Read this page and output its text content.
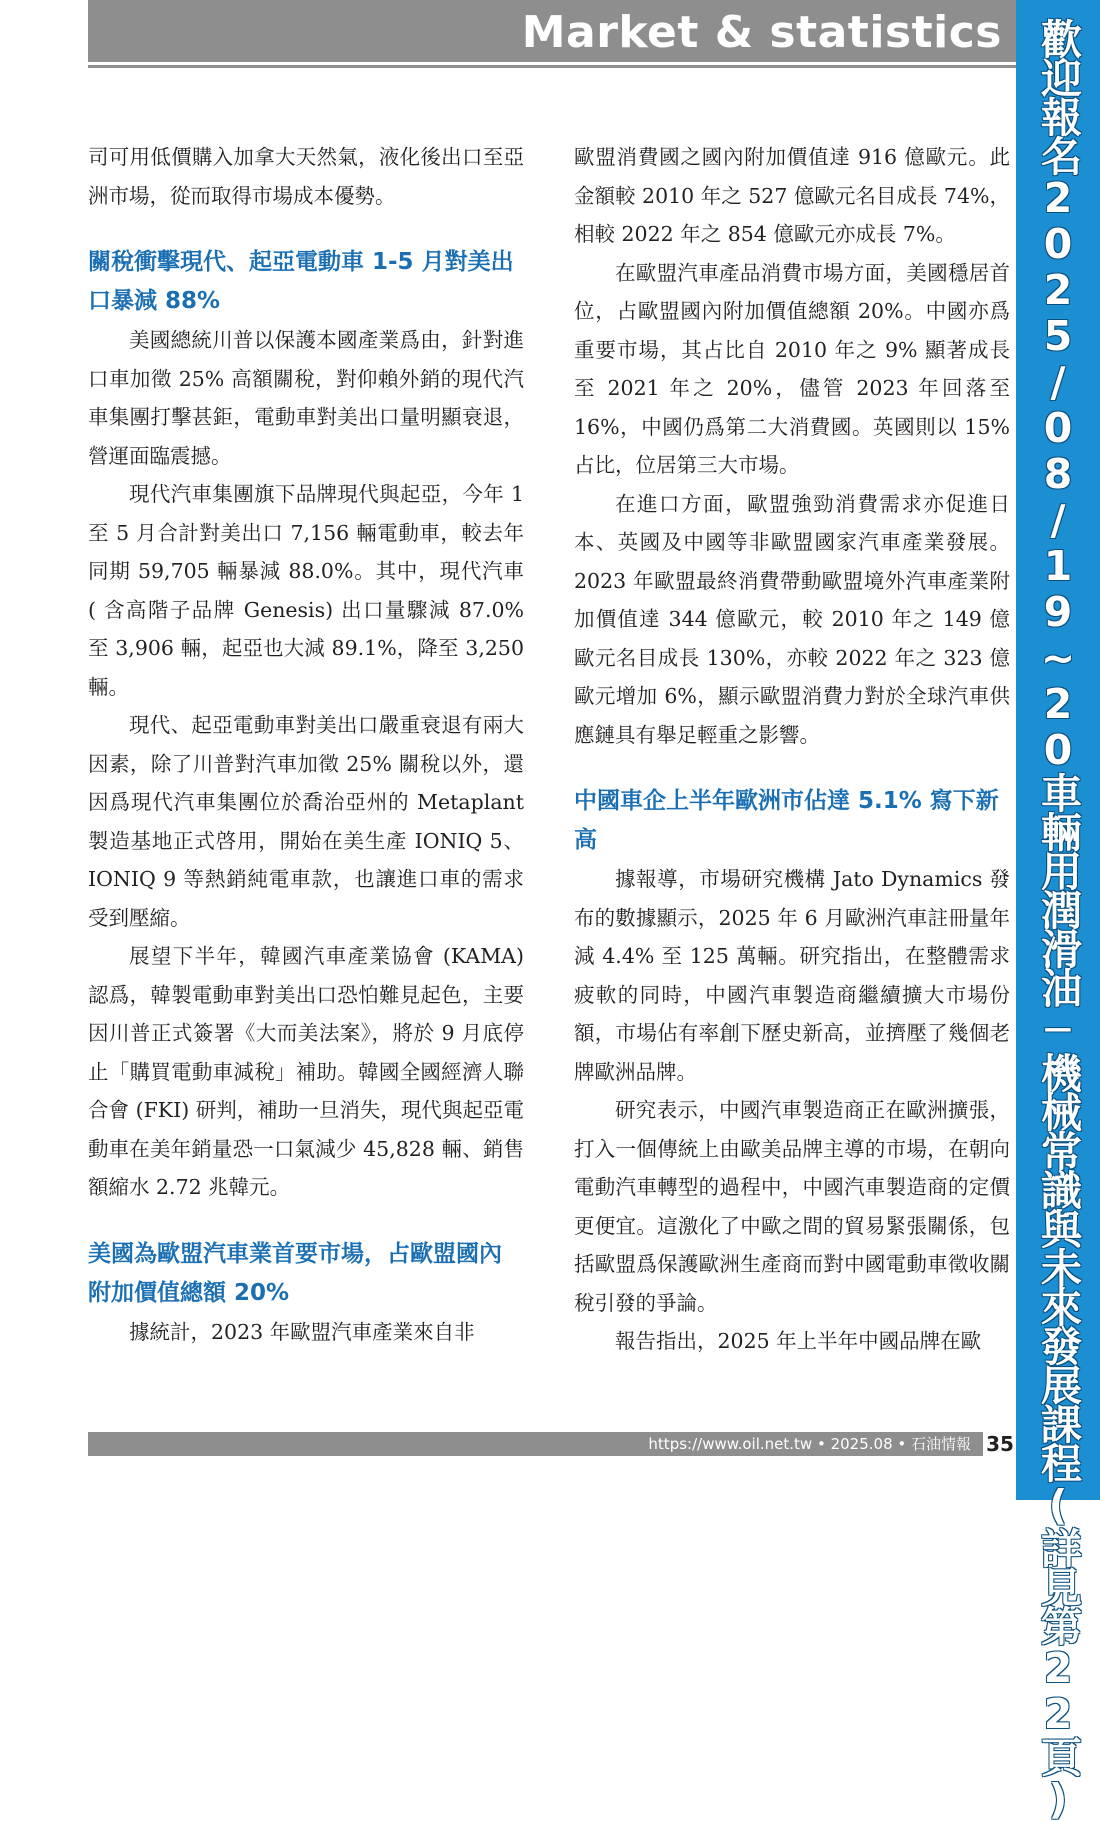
Market & statistics 歡迎報名2025/08/19~20車輛用潤滑油─機械常識與未來發展課程(詳見第22頁)

司可用低價購入加拿大天然氣，液化後出口至亞洲市場，從而取得市場成本優勢。

關稅衝擊現代、起亞電動車 1-5 月對美出口暴減 88%

美國總統川普以保護本國產業爲由，針對進口車加徵 25% 高額關稅，對仰賴外銷的現代汽車集團打擊甚鉅，電動車對美出口量明顯衰退，營運面臨震撼。

現代汽車集團旗下品牌現代與起亞，今年 1 至 5 月合計對美出口 7,156 輛電動車，較去年同期 59,705 輛暴減 88.0%。其中，現代汽車 ( 含高階子品牌 Genesis) 出口量驟減 87.0% 至 3,906 輛，起亞也大減 89.1%，降至 3,250 輛。

現代、起亞電動車對美出口嚴重衰退有兩大因素，除了川普對汽車加徵 25% 關稅以外，還因爲現代汽車集團位於喬治亞州的 Metaplant 製造基地正式啓用，開始在美生產 IONIQ 5、IONIQ 9 等熱銷純電車款，也讓進口車的需求受到壓縮。

展望下半年，韓國汽車產業協會 (KAMA) 認爲，韓製電動車對美出口恐怕難見起色，主要因川普正式簽署《大而美法案》，將於 9 月底停止「購買電動車減稅」補助。韓國全國經濟人聯合會 (FKI) 研判，補助一旦消失，現代與起亞電動車在美年銷量恐一口氣減少 45,828 輛、銷售額縮水 2.72 兆韓元。

美國為歐盟汽車業首要市場，占歐盟國內附加價值總額 20%

據統計，2023 年歐盟汽車產業來自非

歐盟消費國之國內附加價值達 916 億歐元。此金額較 2010 年之 527 億歐元名目成長 74%，相較 2022 年之 854 億歐元亦成長 7%。

在歐盟汽車產品消費市場方面，美國穩居首位，占歐盟國內附加價值總額 20%。中國亦爲重要市場，其占比自 2010 年之 9% 顯著成長至 2021 年之 20%，儘管 2023 年回落至 16%，中國仍爲第二大消費國。英國則以 15% 占比，位居第三大市場。

在進口方面，歐盟強勁消費需求亦促進日本、英國及中國等非歐盟國家汽車產業發展。2023 年歐盟最終消費帶動歐盟境外汽車產業附加價值達 344 億歐元，較 2010 年之 149 億歐元名目成長 130%，亦較 2022 年之 323 億歐元增加 6%，顯示歐盟消費力對於全球汽車供應鏈具有舉足輕重之影響。

中國車企上半年歐洲市佔達 5.1% 寫下新高

據報導，市場研究機構 Jato Dynamics 發布的數據顯示，2025 年 6 月歐洲汽車註冊量年減 4.4% 至 125 萬輛。研究指出，在整體需求疲軟的同時，中國汽車製造商繼續擴大市場份額，市場佔有率創下歷史新高，並擠壓了幾個老牌歐洲品牌。

研究表示，中國汽車製造商正在歐洲擴張，打入一個傳統上由歐美品牌主導的市場，在朝向電動汽車轉型的過程中，中國汽車製造商的定價更便宜。這激化了中歐之間的貿易緊張關係，包括歐盟爲保護歐洲生產商而對中國電動車徵收關稅引發的爭論。

報告指出，2025 年上半年中國品牌在歐

https://www.oil.net.tw • 2025.08 • 石油情報 35
